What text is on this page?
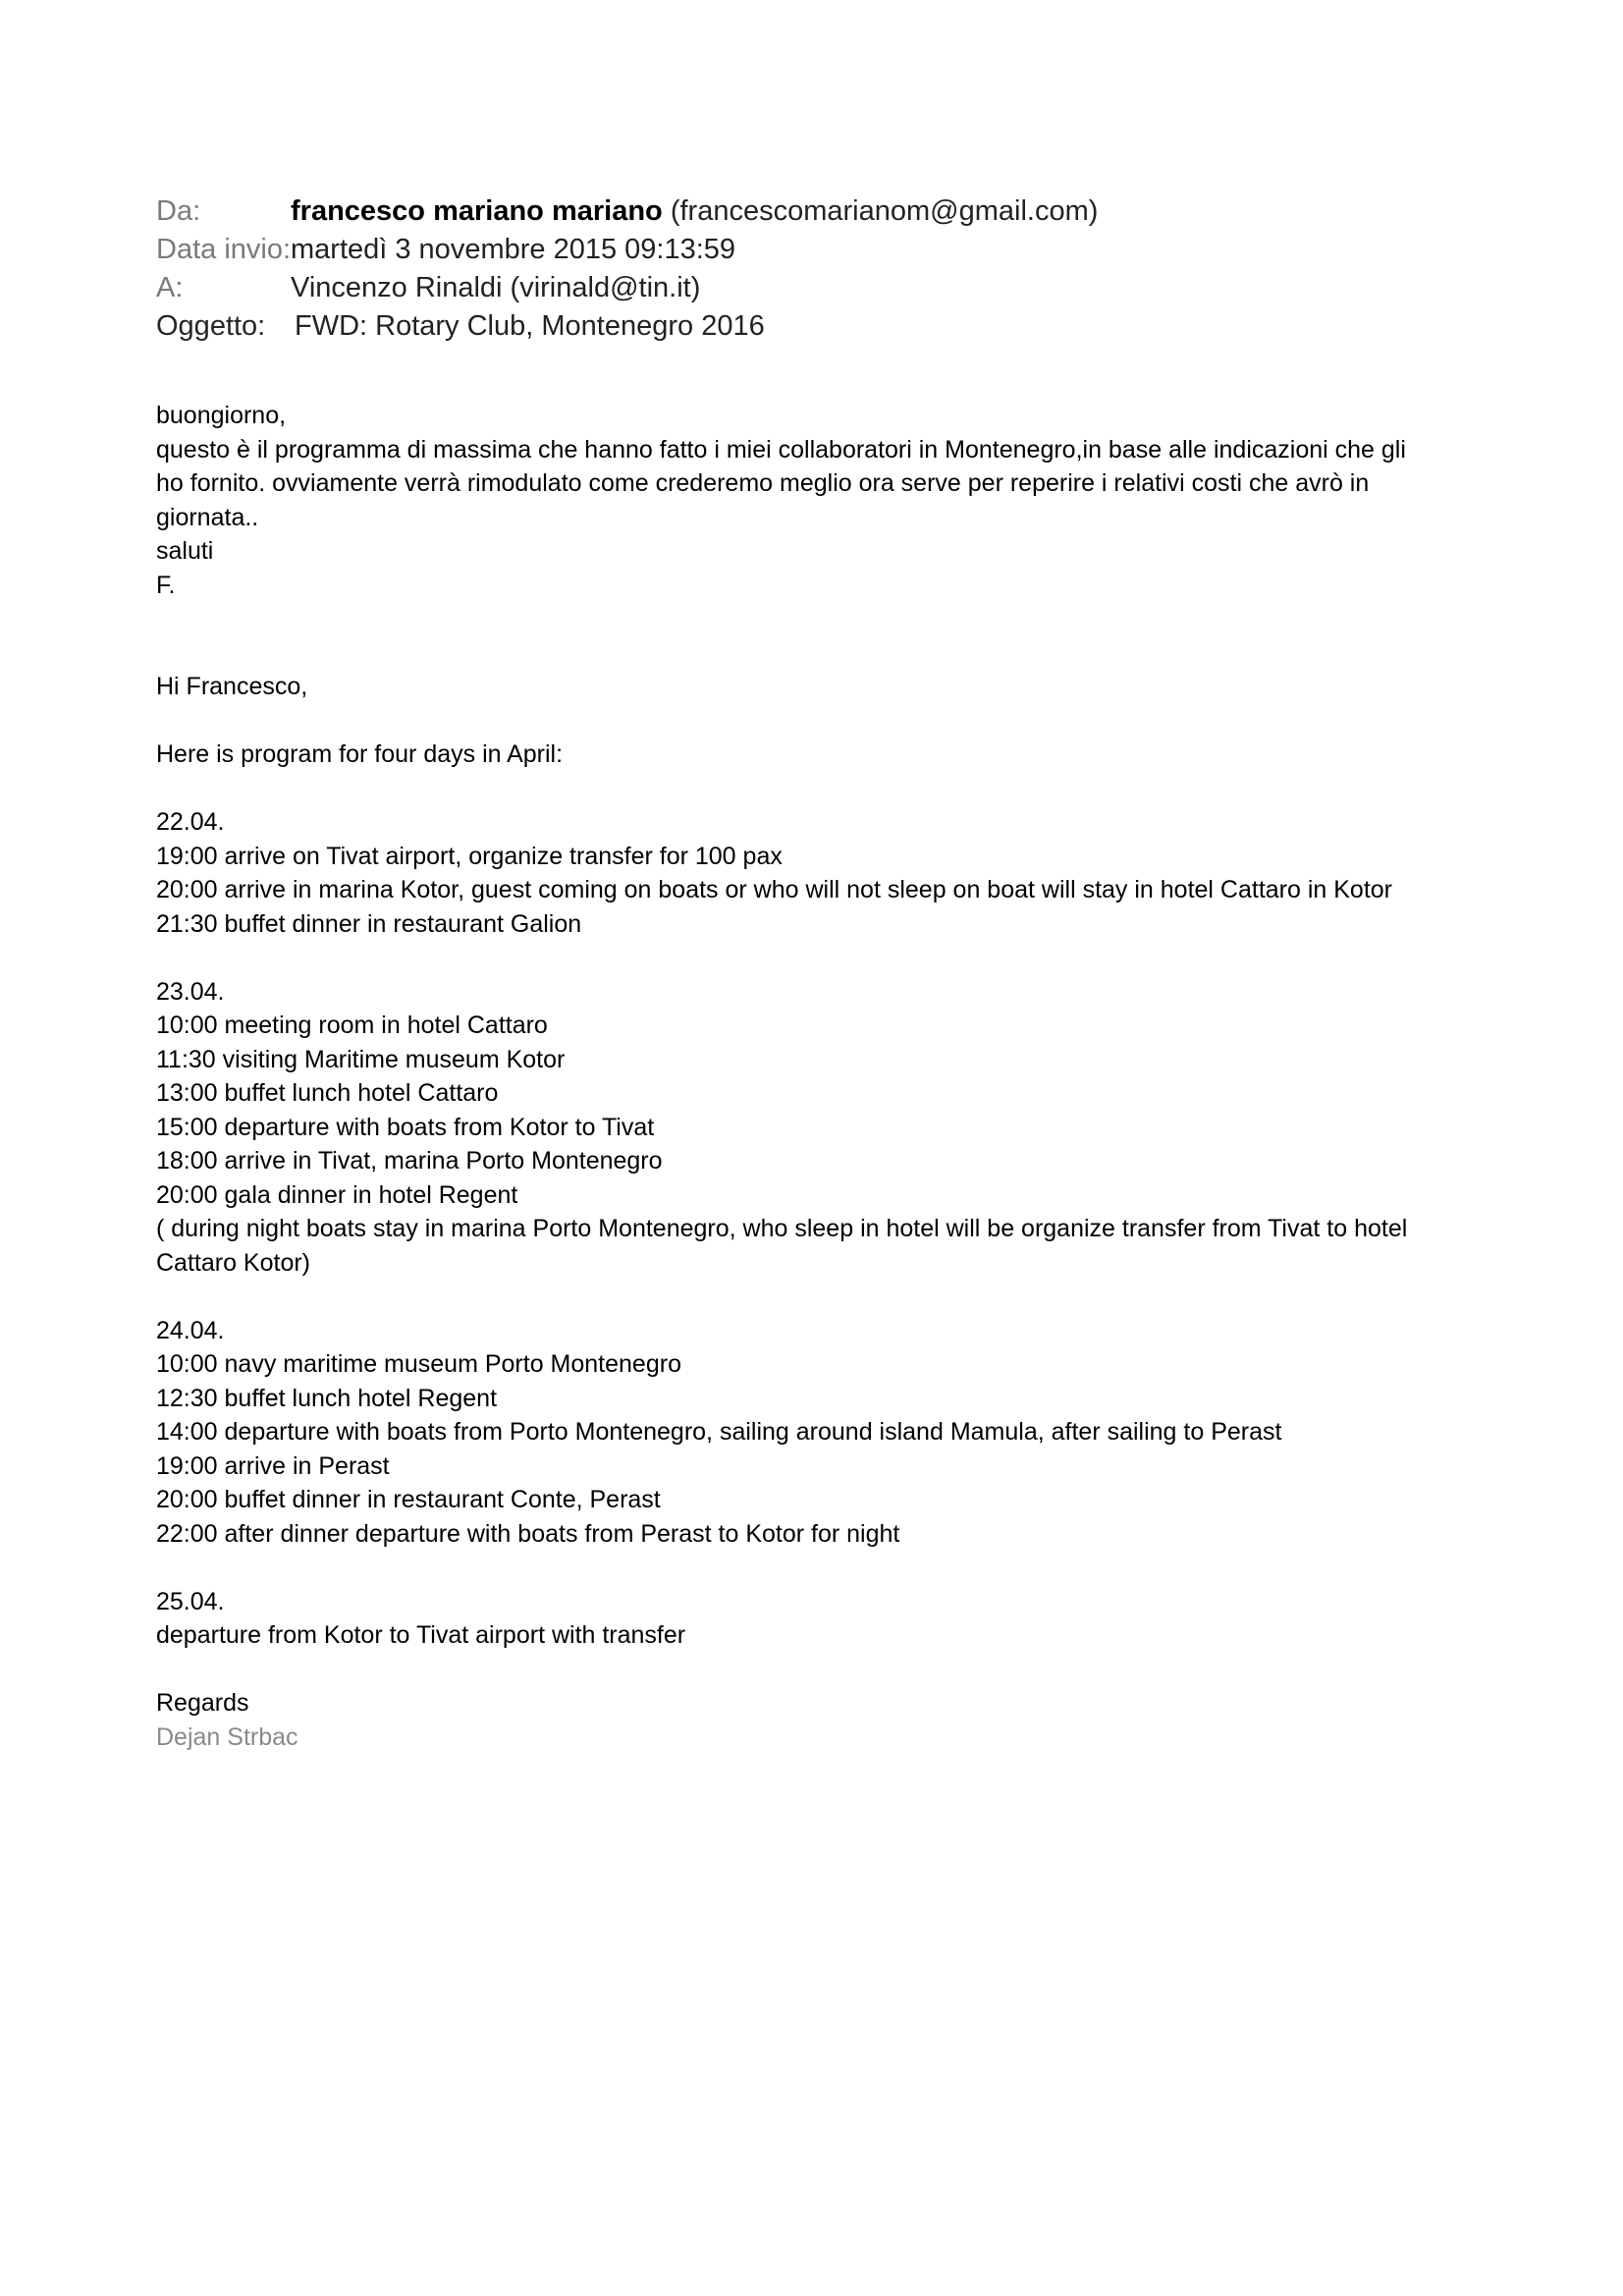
Da:	francesco mariano mariano (francescomarianom@gmail.com)
Data invio: martedì 3 novembre 2015 09:13:59
A:	Vincenzo Rinaldi (virinald@tin.it)
Oggetto:	FWD: Rotary Club, Montenegro 2016
buongiorno,
questo è il programma di massima che hanno fatto i miei collaboratori in Montenegro,in base alle indicazioni che gli
ho fornito. ovviamente verrà rimodulato come crederemo meglio ora serve per reperire i relativi costi che avrò in
giornata..
saluti
F.
Hi Francesco,
Here is program for four days in April:
22.04.
19:00 arrive on Tivat airport, organize transfer for 100 pax
20:00 arrive in marina Kotor, guest coming on boats or who will not sleep on boat will stay in hotel Cattaro in Kotor
21:30 buffet dinner in restaurant Galion
23.04.
10:00 meeting room in hotel Cattaro
11:30 visiting Maritime museum Kotor
13:00 buffet lunch hotel Cattaro
15:00 departure with boats from Kotor to Tivat
18:00 arrive in Tivat, marina Porto Montenegro
20:00 gala dinner in hotel Regent
( during night boats stay in marina Porto Montenegro, who sleep in hotel will be organize transfer from Tivat to hotel
Cattaro Kotor)
24.04.
10:00 navy maritime museum Porto Montenegro
12:30 buffet lunch hotel Regent
14:00 departure with boats from Porto Montenegro, sailing around island Mamula, after sailing to Perast
19:00 arrive in Perast
20:00 buffet dinner in restaurant Conte, Perast
22:00 after dinner departure with boats from Perast to Kotor for night
25.04.
departure from Kotor to Tivat airport with transfer
Regards
Dejan Strbac
